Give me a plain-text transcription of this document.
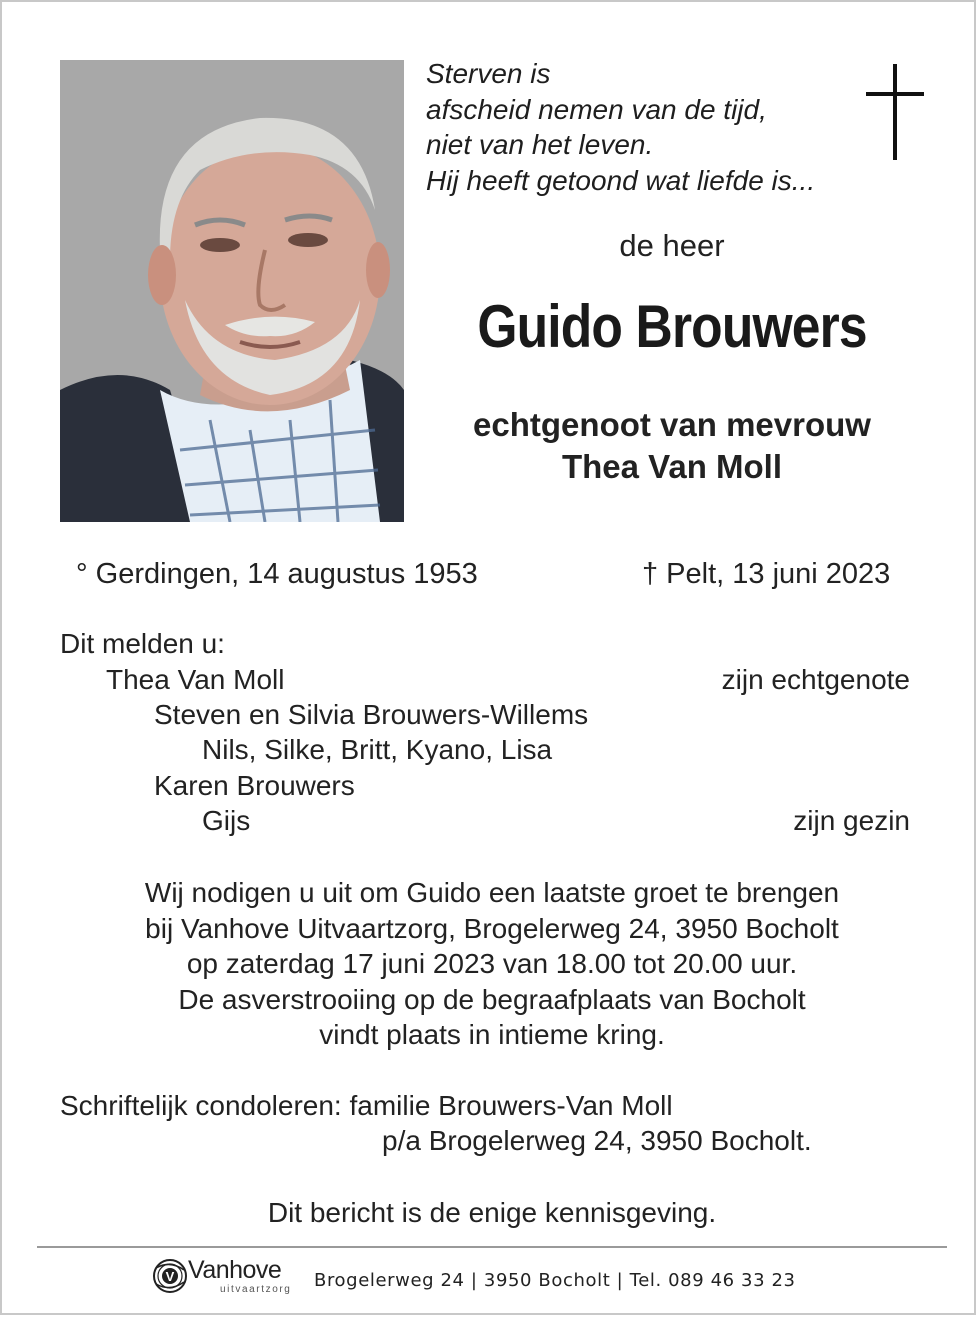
Sterven is
afscheid nemen van de tijd,
niet van het leven.
Hij heeft getoond wat liefde is...
de heer
Guido Brouwers
echtgenoot van mevrouw
Thea Van Moll
° Gerdingen, 14 augustus 1953	† Pelt, 13 juni 2023
Dit melden u:
Thea Van Moll	zijn echtgenote
Steven en Silvia Brouwers-Willems
Nils, Silke, Britt, Kyano, Lisa
Karen Brouwers
Gijs	zijn gezin
Wij nodigen u uit om Guido een laatste groet te brengen
bij Vanhove Uitvaartzorg, Brogelerweg 24, 3950 Bocholt
op zaterdag 17 juni 2023 van 18.00 tot 20.00 uur.
De asverstrooiing op de begraafplaats van Bocholt
vindt plaats in intieme kring.
Schriftelijk condoleren: familie Brouwers-Van Moll
p/a Brogelerweg 24, 3950 Bocholt.
Dit bericht is de enige kennisgeving.
V Vanhove
uitvaartzorg Brogelerweg 24 | 3950 Bocholt | Tel. 089 46 33 23
